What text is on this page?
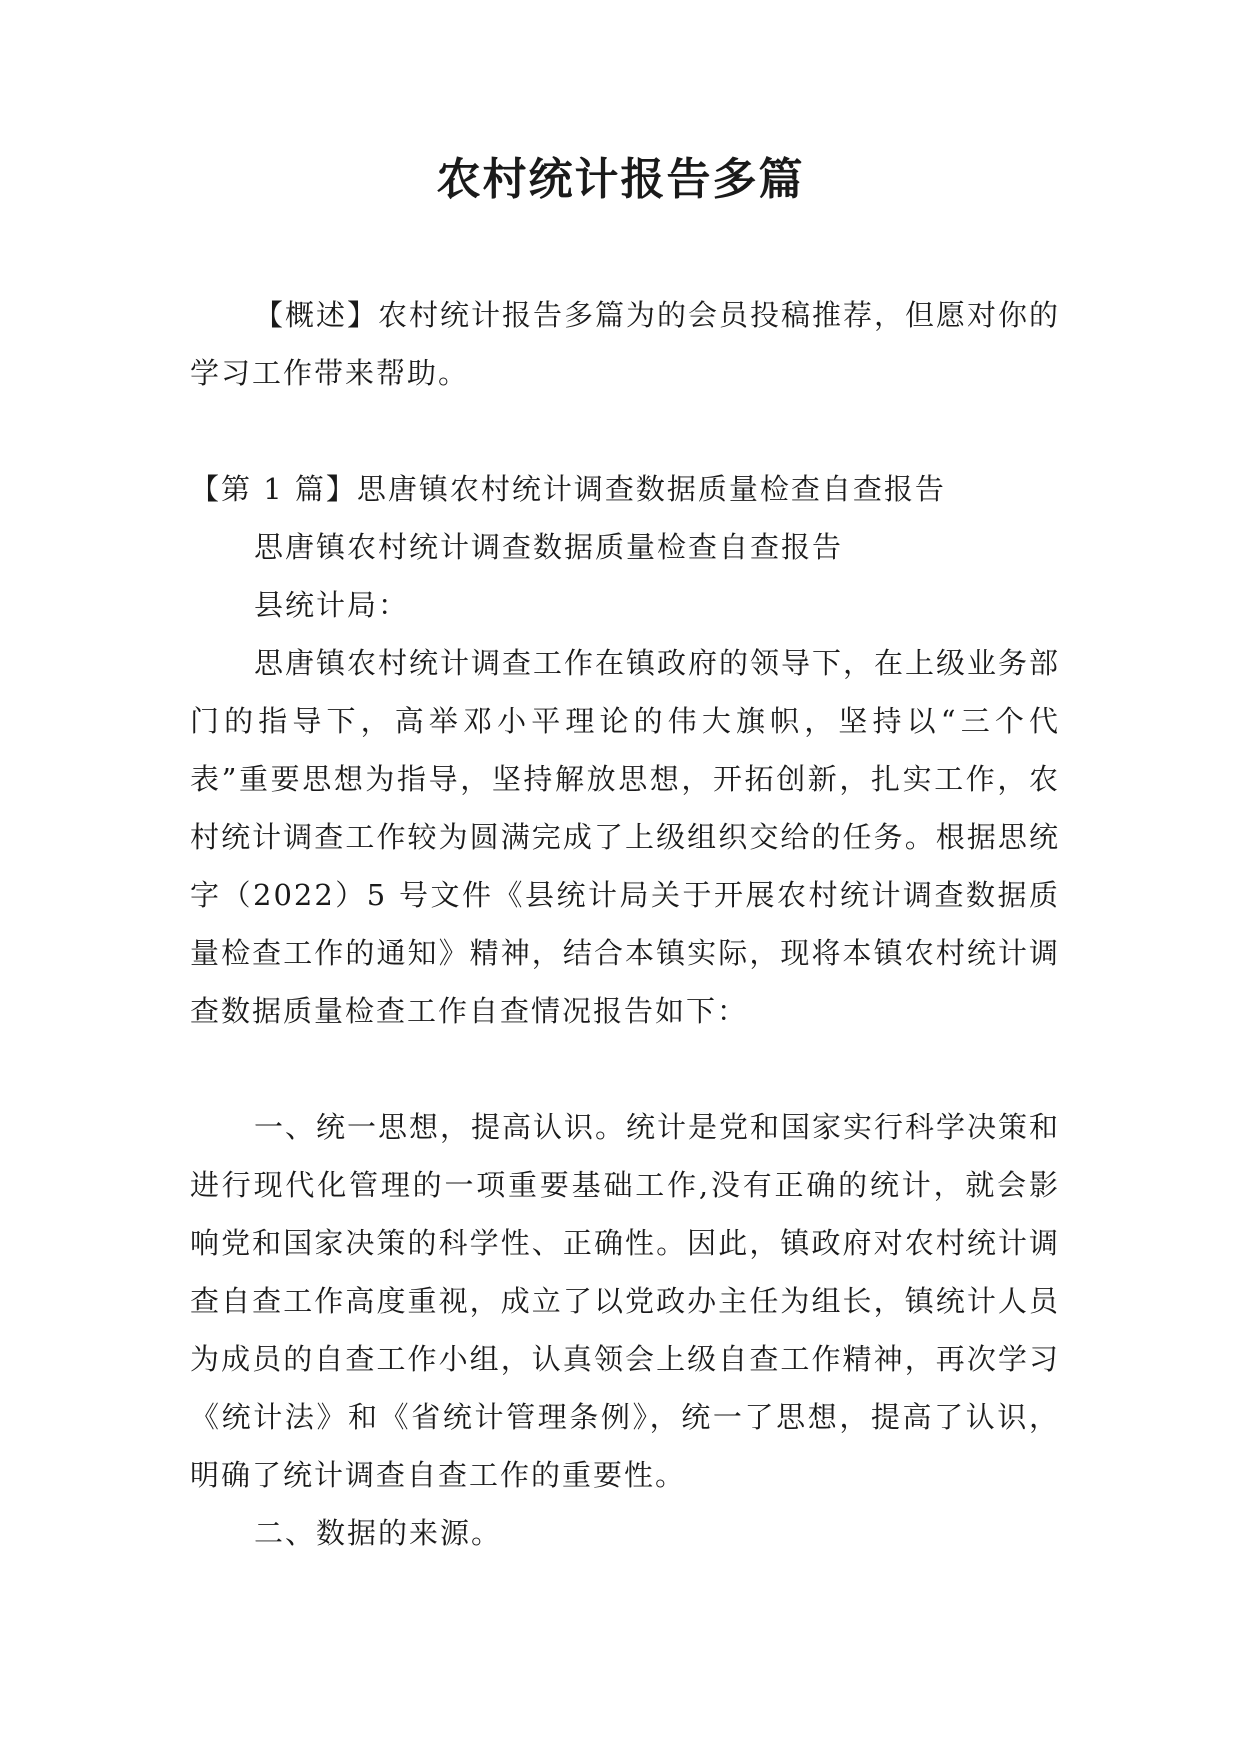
农村统计报告多篇

【概述】农村统计报告多篇为的会员投稿推荐，但愿对你的学习工作带来帮助。

【第 1 篇】思唐镇农村统计调查数据质量检查自查报告

思唐镇农村统计调查数据质量检查自查报告

县统计局：

思唐镇农村统计调查工作在镇政府的领导下，在上级业务部门的指导下，高举邓小平理论的伟大旗帜，坚持以“三个代表”重要思想为指导，坚持解放思想，开拓创新，扎实工作，农村统计调查工作较为圆满完成了上级组织交给的任务。根据思统字（2022）5 号文件《县统计局关于开展农村统计调查数据质量检查工作的通知》精神，结合本镇实际，现将本镇农村统计调查数据质量检查工作自查情况报告如下：

一、统一思想，提高认识。统计是党和国家实行科学决策和进行现代化管理的一项重要基础工作,没有正确的统计，就会影响党和国家决策的科学性、正确性。因此，镇政府对农村统计调查自查工作高度重视，成立了以党政办主任为组长，镇统计人员为成员的自查工作小组，认真领会上级自查工作精神，再次学习《统计法》和《省统计管理条例》，统一了思想，提高了认识，明确了统计调查自查工作的重要性。

二、数据的来源。
